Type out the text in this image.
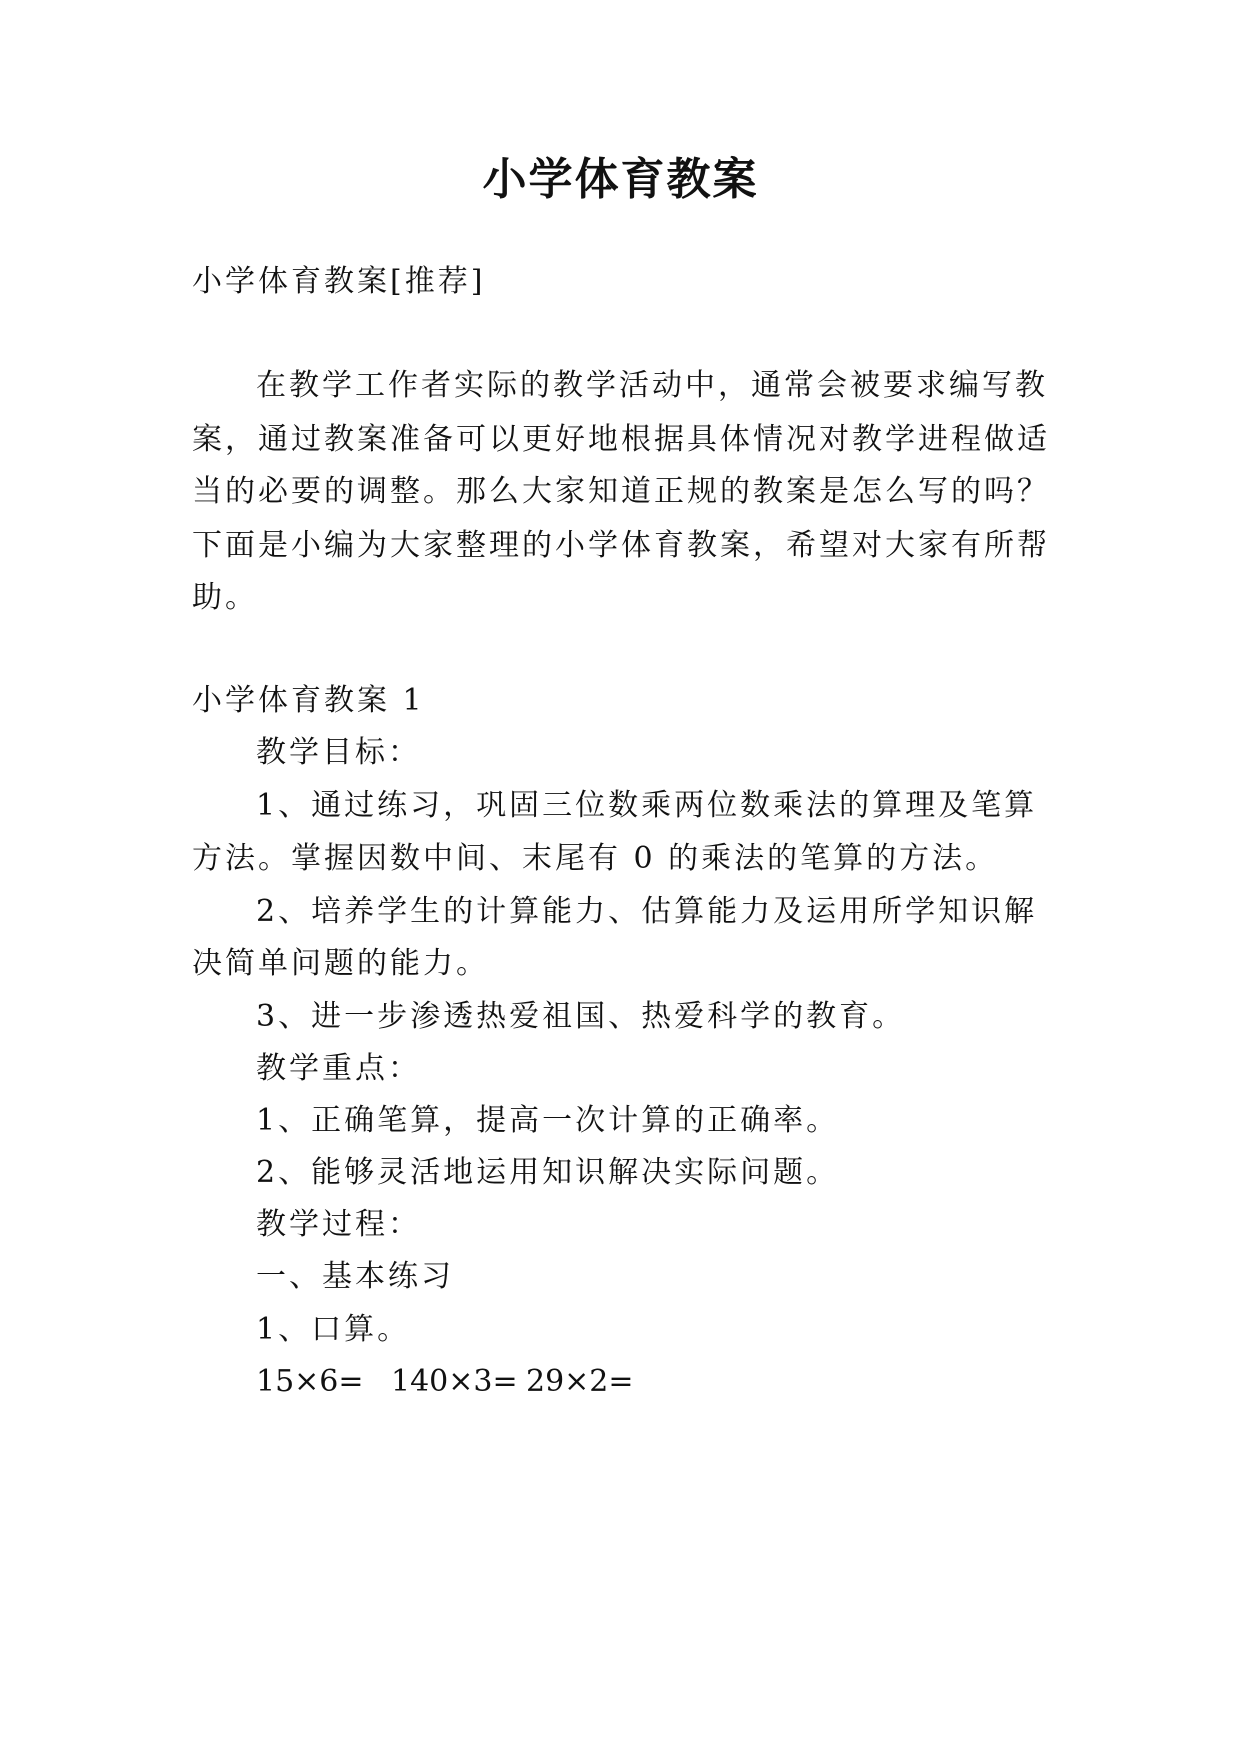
小学体育教案
小学体育教案[推荐]
在教学工作者实际的教学活动中，通常会被要求编写教
案，通过教案准备可以更好地根据具体情况对教学进程做适
当的必要的调整。那么大家知道正规的教案是怎么写的吗？
下面是小编为大家整理的小学体育教案，希望对大家有所帮
助。
小学体育教案 1
教学目标：
1、通过练习，巩固三位数乘两位数乘法的算理及笔算
方法。掌握因数中间、末尾有 0 的乘法的笔算的方法。
2、培养学生的计算能力、估算能力及运用所学知识解
决简单问题的能力。
3、进一步渗透热爱祖国、热爱科学的教育。
教学重点：
1、正确笔算，提高一次计算的正确率。
2、能够灵活地运用知识解决实际问题。
教学过程：
一、基本练习
1、口算。
15×6= 140×3= 29×2=
